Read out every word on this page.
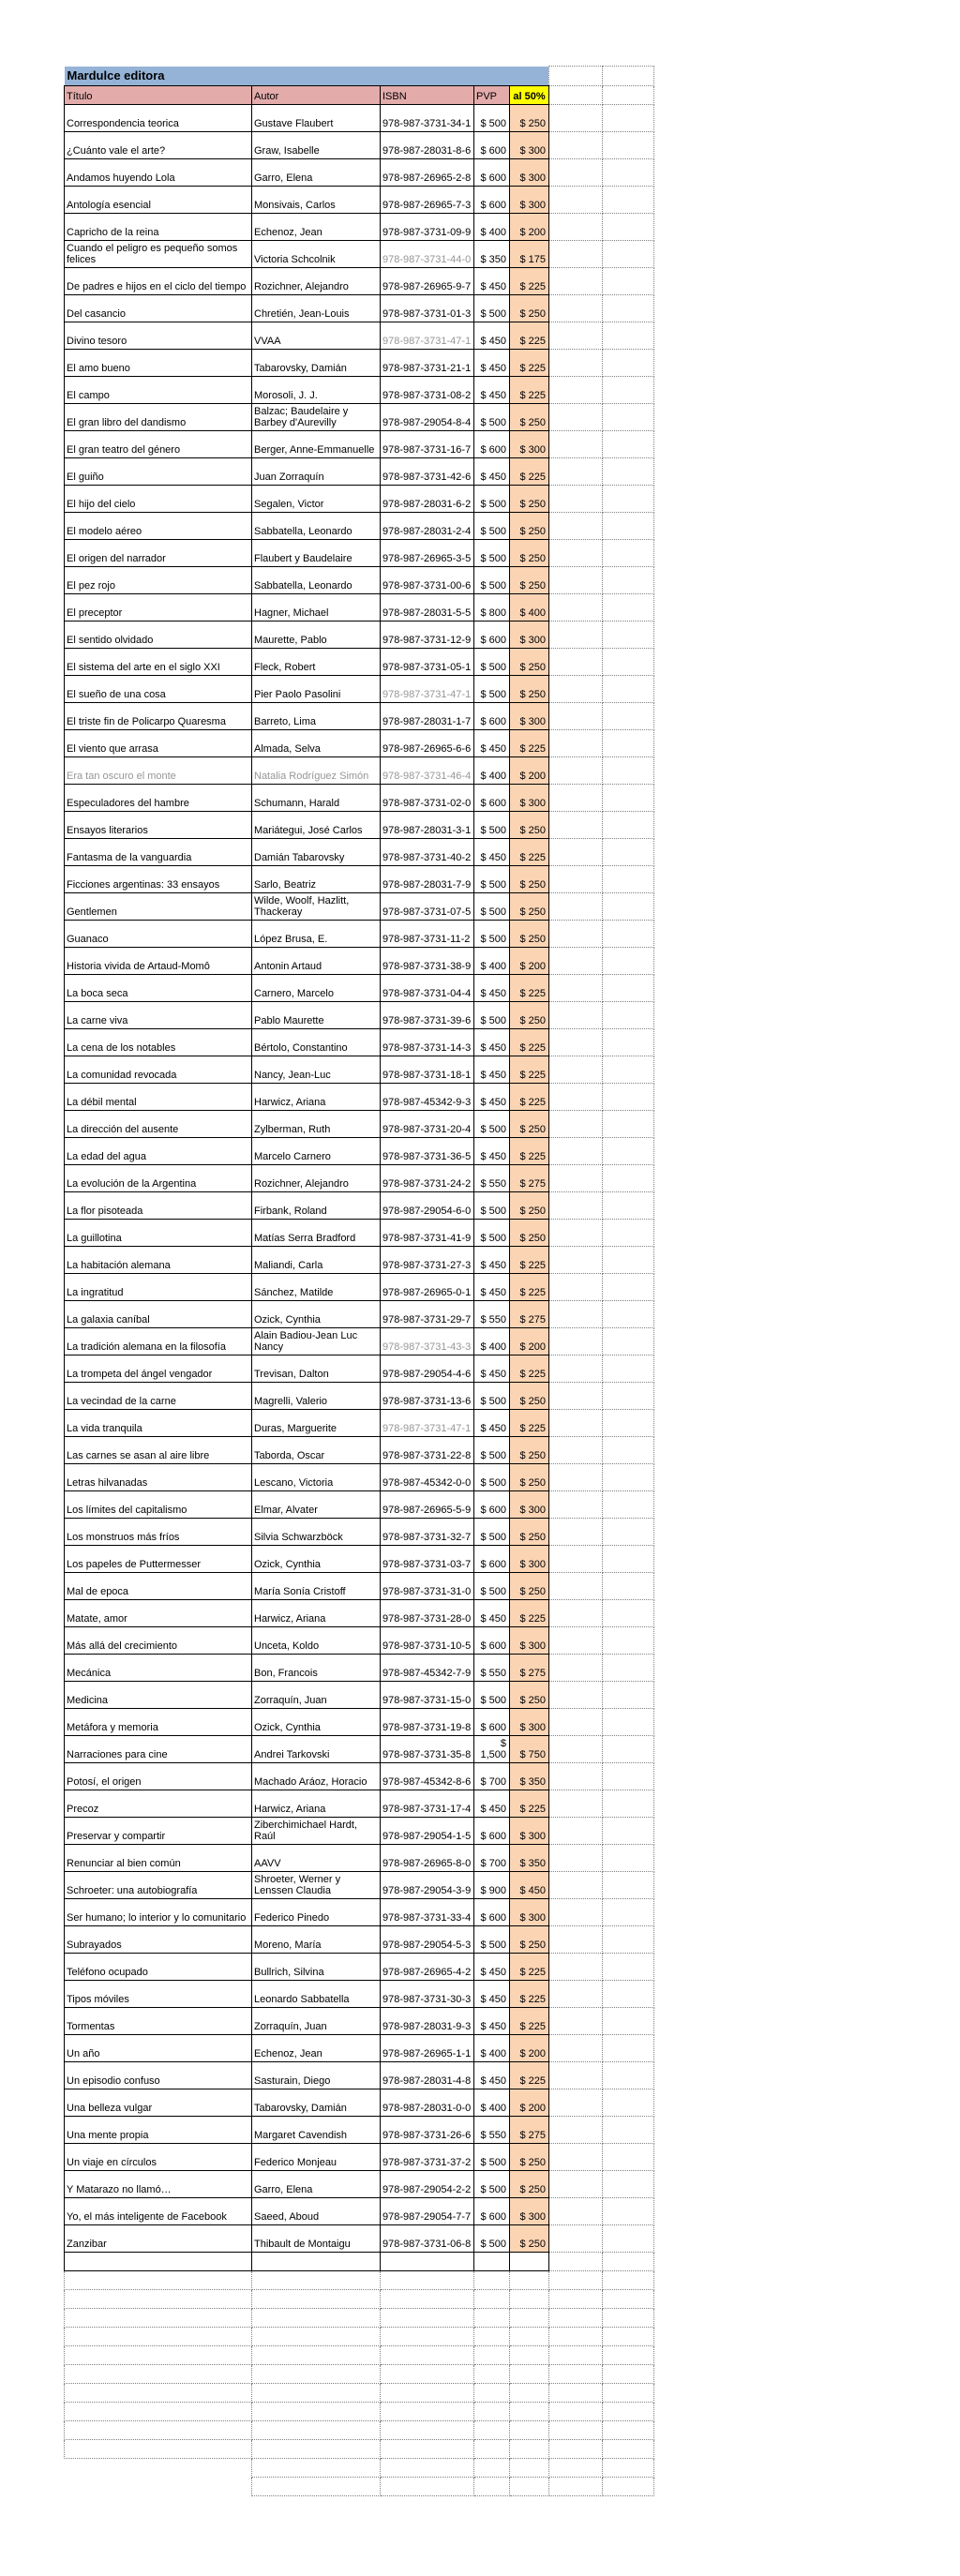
Mardulce editora						
Título	Autor	ISBN	PVP	al 50%		
Correspondencia teorica	Gustave Flaubert	978-987-3731-34-1	$ 500	$ 250		
¿Cuánto vale el arte?	Graw, Isabelle	978-987-28031-8-6	$ 600	$ 300		
Andamos huyendo Lola	Garro, Elena	978-987-26965-2-8	$ 600	$ 300		
Antología esencial	Monsivais, Carlos	978-987-26965-7-3	$ 600	$ 300		
Capricho de la reina	Echenoz, Jean	978-987-3731-09-9	$ 400	$ 200		
Cuando el peligro es pequeño somos felices	Victoria Schcolnik	978-987-3731-44-0	$ 350	$ 175		
De padres e hijos en el ciclo del tiempo	Rozichner, Alejandro	978-987-26965-9-7	$ 450	$ 225		
Del casancio	Chretién, Jean-Louis	978-987-3731-01-3	$ 500	$ 250		
Divino tesoro	VVAA	978-987-3731-47-1	$ 450	$ 225		
El amo bueno	Tabarovsky, Damián	978-987-3731-21-1	$ 450	$ 225		
El campo	Morosoli, J. J.	978-987-3731-08-2	$ 450	$ 225		
El gran libro del dandismo	Balzac; Baudelaire y Barbey d'Aurevilly	978-987-29054-8-4	$ 500	$ 250		
El gran teatro del género	Berger, Anne-Emmanuelle	978-987-3731-16-7	$ 600	$ 300		
El guiño	Juan Zorraquín	978-987-3731-42-6	$ 450	$ 225		
El hijo del cielo	Segalen, Victor	978-987-28031-6-2	$ 500	$ 250		
El modelo aéreo	Sabbatella, Leonardo	978-987-28031-2-4	$ 500	$ 250		
El origen del narrador	Flaubert y Baudelaire	978-987-26965-3-5	$ 500	$ 250		
El pez rojo	Sabbatella, Leonardo	978-987-3731-00-6	$ 500	$ 250		
El preceptor	Hagner, Michael	978-987-28031-5-5	$ 800	$ 400		
El sentido olvidado	Maurette, Pablo	978-987-3731-12-9	$ 600	$ 300		
El sistema del arte en el siglo XXI	Fleck, Robert	978-987-3731-05-1	$ 500	$ 250		
El sueño de una cosa	Pier Paolo Pasolini	978-987-3731-47-1	$ 500	$ 250		
El triste fin de Policarpo Quaresma	Barreto, Lima	978-987-28031-1-7	$ 600	$ 300		
El viento que arrasa	Almada, Selva	978-987-26965-6-6	$ 450	$ 225		
Era tan oscuro el monte	Natalia Rodríguez Simón	978-987-3731-46-4	$ 400	$ 200		
Especuladores del hambre	Schumann, Harald	978-987-3731-02-0	$ 600	$ 300		
Ensayos literarios	Mariátegui, José Carlos	978-987-28031-3-1	$ 500	$ 250		
Fantasma de la vanguardia	Damián Tabarovsky	978-987-3731-40-2	$ 450	$ 225		
Ficciones argentinas: 33 ensayos	Sarlo, Beatriz	978-987-28031-7-9	$ 500	$ 250		
Gentlemen	Wilde, Woolf, Hazlitt, Thackeray	978-987-3731-07-5	$ 500	$ 250		
Guanaco	López Brusa, E.	978-987-3731-11-2	$ 500	$ 250		
Historia vivida de Artaud-Momô	Antonin Artaud	978-987-3731-38-9	$ 400	$ 200		
La boca seca	Carnero, Marcelo	978-987-3731-04-4	$ 450	$ 225		
La carne viva	Pablo Maurette	978-987-3731-39-6	$ 500	$ 250		
La cena de los notables	Bértolo, Constantino	978-987-3731-14-3	$ 450	$ 225		
La comunidad revocada	Nancy, Jean-Luc	978-987-3731-18-1	$ 450	$ 225		
La débil mental	Harwicz, Ariana	978-987-45342-9-3	$ 450	$ 225		
La dirección del ausente	Zylberman, Ruth	978-987-3731-20-4	$ 500	$ 250		
La edad del agua	Marcelo Carnero	978-987-3731-36-5	$ 450	$ 225		
La evolución de la Argentina	Rozichner, Alejandro	978-987-3731-24-2	$ 550	$ 275		
La flor pisoteada	Firbank, Roland	978-987-29054-6-0	$ 500	$ 250		
La guillotina	Matías Serra Bradford	978-987-3731-41-9	$ 500	$ 250		
La habitación alemana	Maliandi, Carla	978-987-3731-27-3	$ 450	$ 225		
La ingratitud	Sánchez, Matilde	978-987-26965-0-1	$ 450	$ 225		
La galaxia caníbal	Ozick, Cynthia	978-987-3731-29-7	$ 550	$ 275		
La tradición alemana en la filosofía	Alain Badiou-Jean Luc Nancy	978-987-3731-43-3	$ 400	$ 200		
La trompeta del ángel vengador	Trevisan, Dalton	978-987-29054-4-6	$ 450	$ 225		
La vecindad de la carne	Magrelli, Valerio	978-987-3731-13-6	$ 500	$ 250		
La vida tranquila	Duras, Marguerite	978-987-3731-47-1	$ 450	$ 225		
Las carnes se asan al aire libre	Taborda, Oscar	978-987-3731-22-8	$ 500	$ 250		
Letras hilvanadas	Lescano, Victoria	978-987-45342-0-0	$ 500	$ 250		
Los límites del capitalismo	Elmar, Alvater	978-987-26965-5-9	$ 600	$ 300		
Los monstruos más fríos	Silvia Schwarzböck	978-987-3731-32-7	$ 500	$ 250		
Los papeles de Puttermesser	Ozick, Cynthia	978-987-3731-03-7	$ 600	$ 300		
Mal de epoca	María Sonía Cristoff	978-987-3731-31-0	$ 500	$ 250		
Matate, amor	Harwicz, Ariana	978-987-3731-28-0	$ 450	$ 225		
Más allá del crecimiento	Unceta, Koldo	978-987-3731-10-5	$ 600	$ 300		
Mecánica	Bon, Francois	978-987-45342-7-9	$ 550	$ 275		
Medicina	Zorraquín, Juan	978-987-3731-15-0	$ 500	$ 250		
Metáfora y memoria	Ozick, Cynthia	978-987-3731-19-8	$ 600	$ 300		
Narraciones para cine	Andrei Tarkovski	978-987-3731-35-8	$ 1,500	$ 750		
Potosí, el origen	Machado Aráoz, Horacio	978-987-45342-8-6	$ 700	$ 350		
Precoz	Harwicz, Ariana	978-987-3731-17-4	$ 450	$ 225		
Preservar y compartir	Ziberchimichael Hardt, Raúl	978-987-29054-1-5	$ 600	$ 300		
Renunciar al bien común	AAVV	978-987-26965-8-0	$ 700	$ 350		
Schroeter: una autobiografía	Shroeter, Werner y Lenssen Claudia	978-987-29054-3-9	$ 900	$ 450		
Ser humano; lo interior y lo comunitario	Federico Pinedo	978-987-3731-33-4	$ 600	$ 300		
Subrayados	Moreno, María	978-987-29054-5-3	$ 500	$ 250		
Teléfono ocupado	Bullrich, Silvina	978-987-26965-4-2	$ 450	$ 225		
Tipos móviles	Leonardo Sabbatella	978-987-3731-30-3	$ 450	$ 225		
Tormentas	Zorraquín, Juan	978-987-28031-9-3	$ 450	$ 225		
Un año	Echenoz, Jean	978-987-26965-1-1	$ 400	$ 200		
Un episodio confuso	Sasturain, Diego	978-987-28031-4-8	$ 450	$ 225		
Una belleza vulgar	Tabarovsky, Damián	978-987-28031-0-0	$ 400	$ 200		
Una mente propia	Margaret Cavendish	978-987-3731-26-6	$ 550	$ 275		
Un viaje en círculos	Federico Monjeau	978-987-3731-37-2	$ 500	$ 250		
Y Matarazo no llamó…	Garro, Elena	978-987-29054-2-2	$ 500	$ 250		
Yo, el más inteligente de Facebook	Saeed, Aboud	978-987-29054-7-7	$ 600	$ 300		
Zanzibar	Thibault de Montaigu	978-987-3731-06-8	$ 500	$ 250		
